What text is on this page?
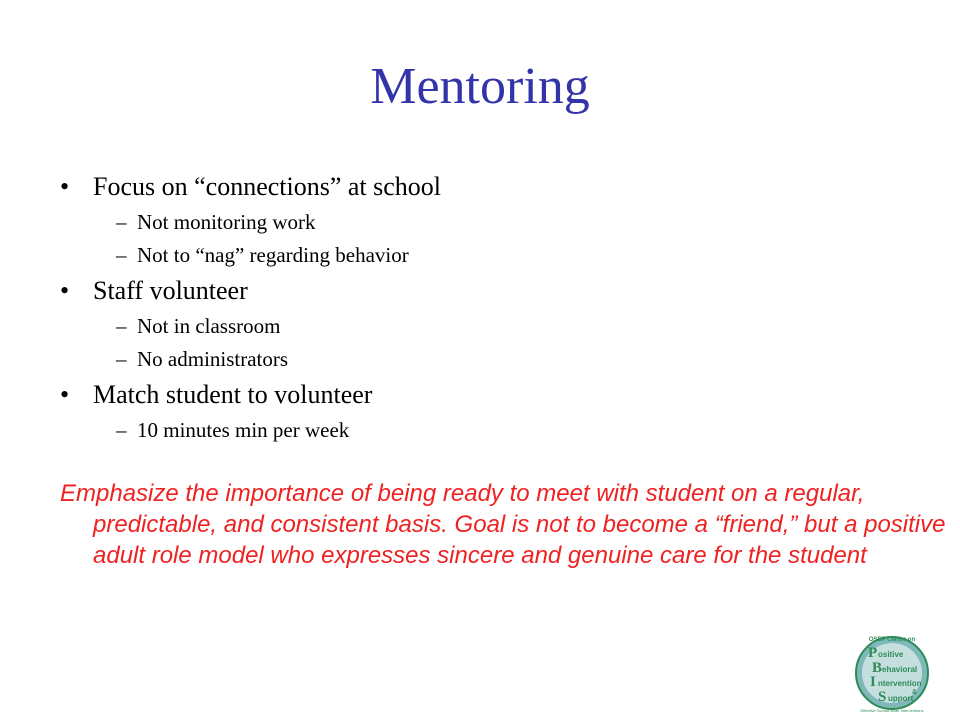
Mentoring
• Focus on “connections” at school
– Not monitoring work
– Not to “nag” regarding behavior
• Staff volunteer
– Not in classroom
– No administrators
• Match student to volunteer
– 10 minutes min per week

Emphasize the importance of being ready to meet with student on a regular, predictable, and consistent basis. Goal is not to become a “friend,” but a positive adult role model who expresses sincere and genuine care for the student

OSEP Center on
P ositive
B ehavioral
I ntervention
&
S upport
Effective School-Wide Interventions
